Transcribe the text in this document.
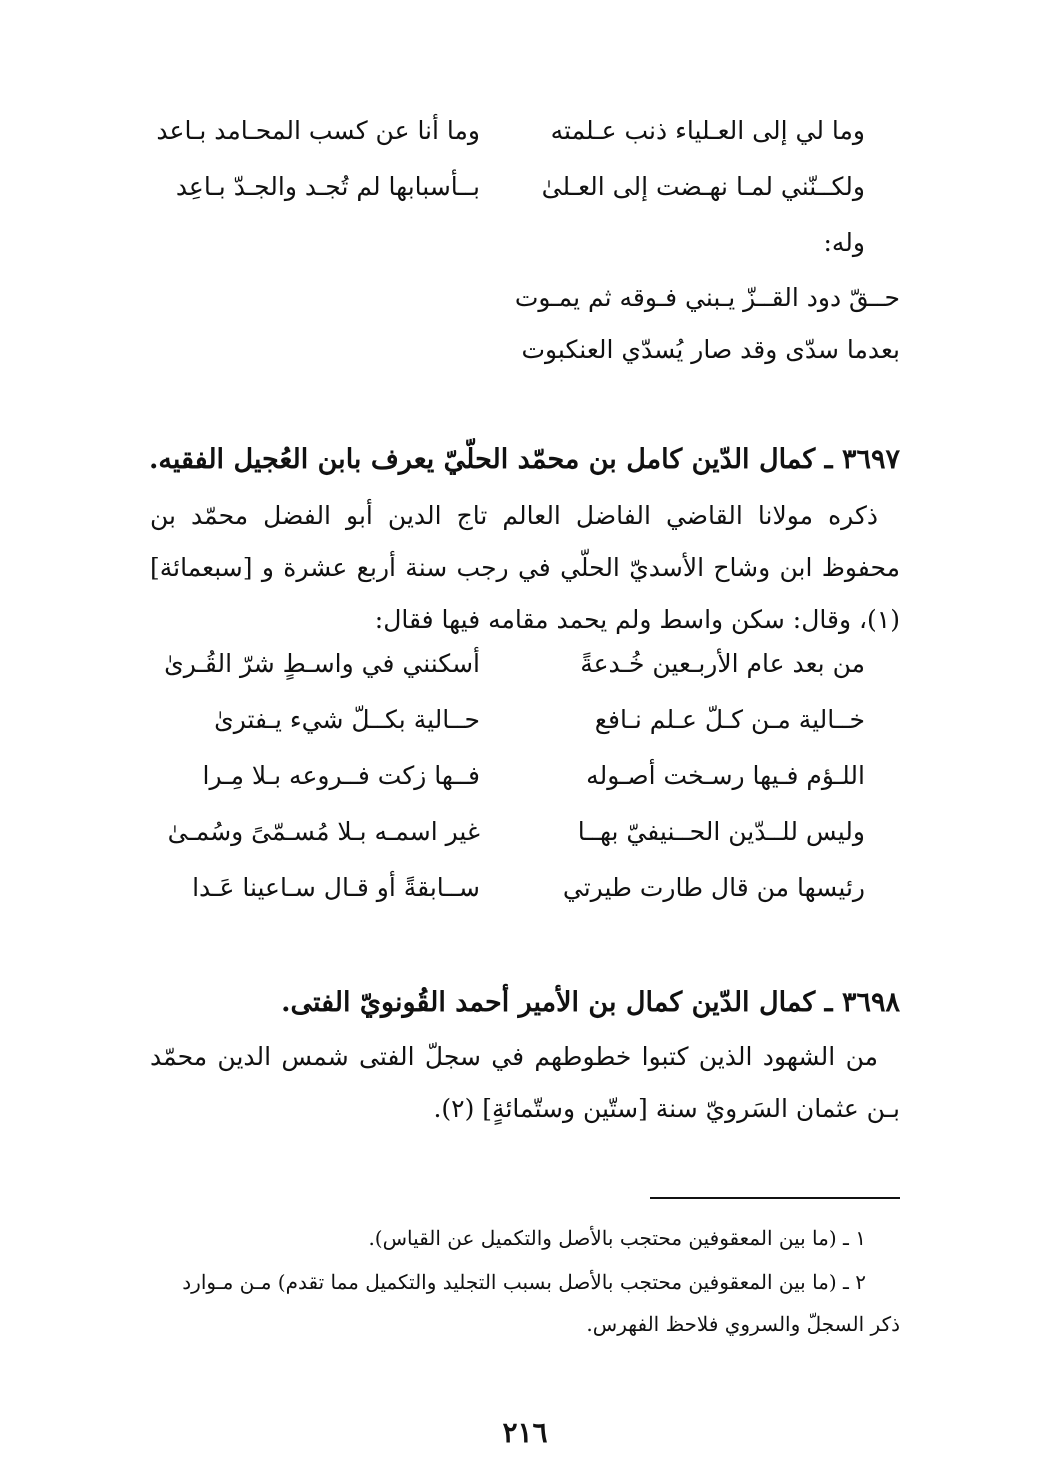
وما لي إلى العـلياء ذنب عـلمته
وما أنا عن كسب المحـامد بـاعد
ولكــنّني لمـا نهـضت إلى العـلىٰ
بــأسبابها لم تُجـد والجـدّ بـاعِد
وله:
حــقّ دود القــزّ يـبني فـوقه ثم يمـوت
بعدما سدّى وقد صار يُسدّي العنكبوت
٣٦٩٧ ـ كمال الدّين كامل بن محمّد الحلّيّ يعرف بابن العُجيل الفقيه.
ذكره مولانا القاضي الفاضل العالم تاج الدين أبو الفضل محمّد بن محفوظ ابن وشاح الأسديّ الحلّي في رجب سنة أربع عشرة و [سبعمائة] (١)، وقال: سكن واسط ولم يحمد مقامه فيها فقال:
من بعد عام الأربـعين خُـدعةً
أسكنني في واسـطٍ شرّ القُـرىٰ
خــالية مـن كـلّ عـلم نـافع
حــالية بكــلّ شيء يـفترىٰ
اللـؤم فـيها رسـخت أصـوله
فــها زكت فــروعه بـلا مِـرا
وليس للــدّين الحــنيفيّ بهــا
غير اسمـه بـلا مُسـمّىً وسُمـىٰ
رئيسها من قال طارت طيرتي
ســابقةً أو قـال سـاعينا عَـدا
٣٦٩٨ ـ كمال الدّين كمال بن الأمير أحمد القُونويّ الفتى.
من الشهود الذين كتبوا خطوطهم في سجلّ الفتى شمس الدين محمّد بـن عثمان السَرويّ سنة [ستّين وستّمائةٍ] (٢).
١ ـ (ما بين المعقوفين محتجب بالأصل والتكميل عن القياس).
٢ ـ (ما بين المعقوفين محتجب بالأصل بسبب التجليد والتكميل مما تقدم) مـن مـوارد
ذكر السجلّ والسروي فلاحظ الفهرس.
٢١٦
